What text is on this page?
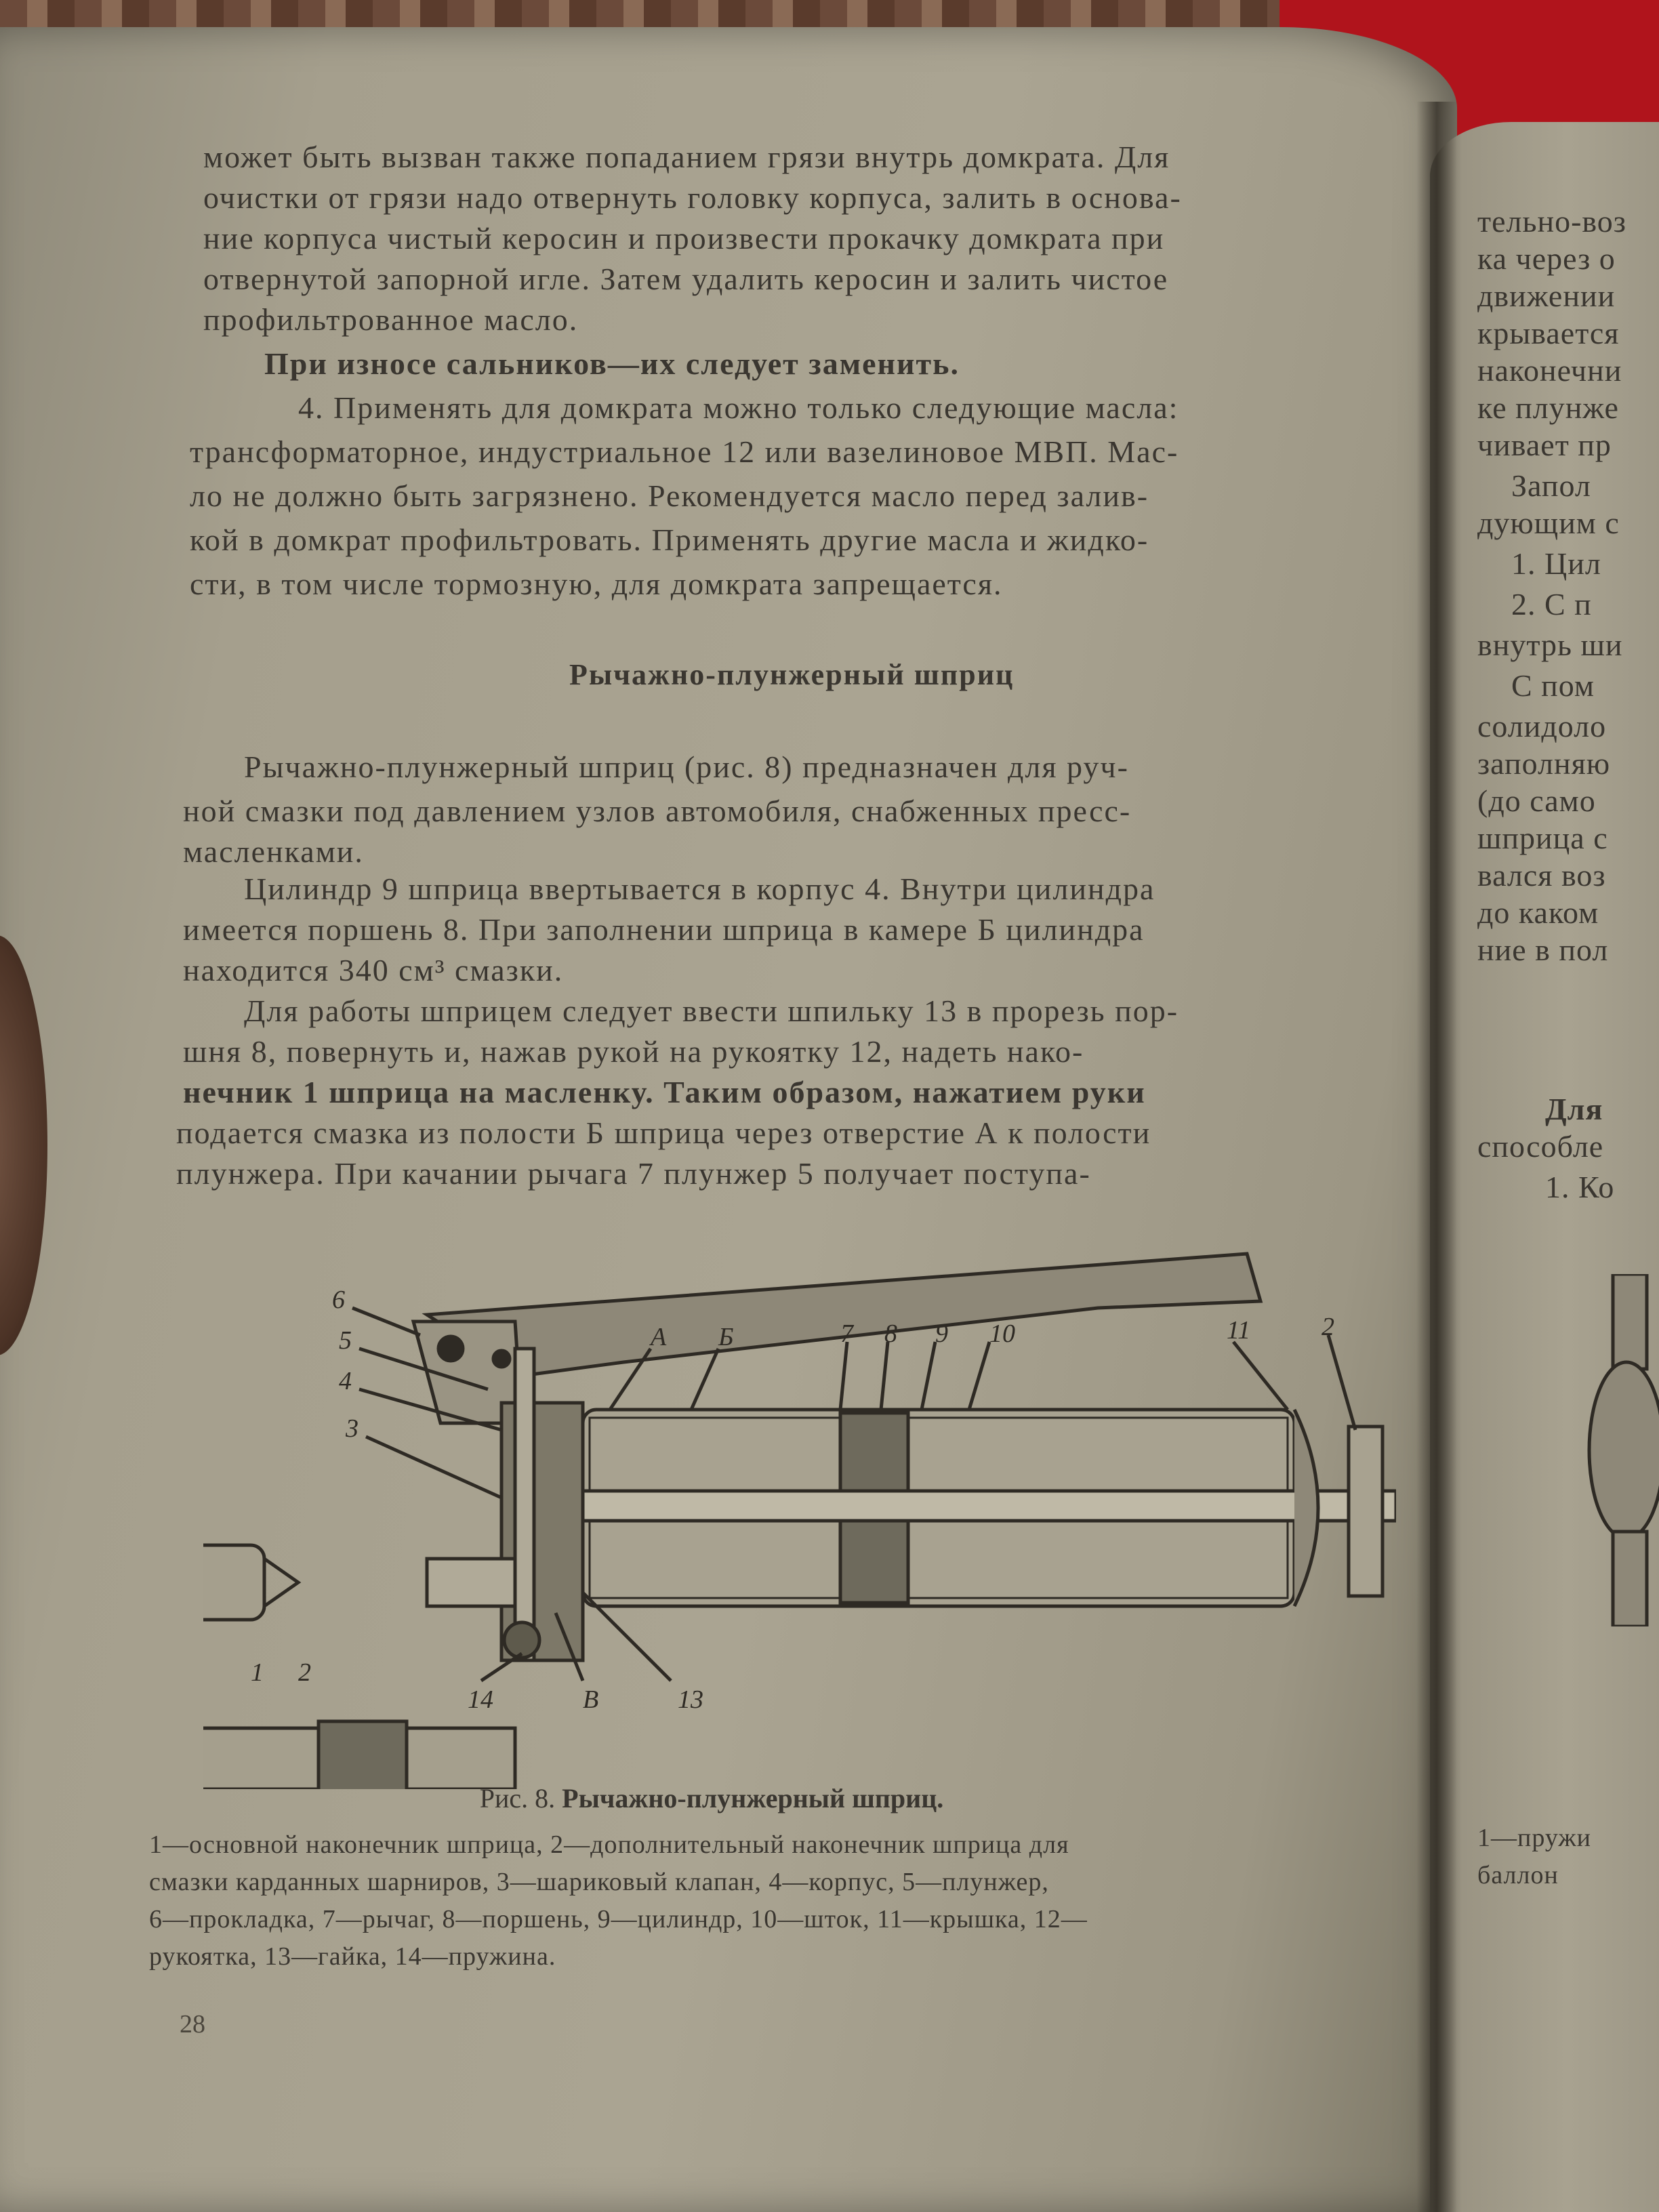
может быть вызван также попаданием грязи внутрь домкрата. Для
очистки от грязи надо отвернуть головку корпуса, залить в основа-
ние корпуса чистый керосин и произвести прокачку домкрата при
отвернутой запорной игле. Затем удалить керосин и залить чистое
профильтрованное масло.
При износе сальников—их следует заменить.
4. Применять для домкрата можно только следующие масла:
трансформаторное, индустриальное 12 или вазелиновое МВП. Мас-
ло не должно быть загрязнено. Рекомендуется масло перед залив-
кой в домкрат профильтровать. Применять другие масла и жидко-
сти, в том числе тормозную, для домкрата запрещается.
Рычажно-плунжерный шприц
Рычажно-плунжерный шприц (рис. 8) предназначен для руч-
ной смазки под давлением узлов автомобиля, снабженных пресс-
масленками.
Цилиндр 9 шприца ввертывается в корпус 4. Внутри цилиндра
имеется поршень 8. При заполнении шприца в камере Б цилиндра
находится 340 см³ смазки.
Для работы шприцем следует ввести шпильку 13 в прорезь пор-
шня 8, повернуть и, нажав рукой на рукоятку 12, надеть нако-
нечник 1 шприца на масленку. Таким образом, нажатием руки
подается смазка из полости Б шприца через отверстие А к полости
плунжера. При качании рычага 7 плунжер 5 получает поступа-
6
5
4
3
А Б	7 8 9 10	11	2
14	В	13
1 2
Рис. 8. Рычажно-плунжерный шприц.
1—основной наконечник шприца, 2—дополнительный наконечник шприца для
смазки карданных шарниров, 3—шариковый клапан, 4—корпус, 5—плунжер,
6—прокладка, 7—рычаг, 8—поршень, 9—цилиндр, 10—шток, 11—крышка, 12—
рукоятка, 13—гайка, 14—пружина.
28
тельно-воз
ка через о
движении
крывается
наконечни
ке плунже
чивает пр
Запол
дующим с
1. Цил
2. С п
внутрь ши
С пом
солидоло
заполняю
(до само
шприца с
вался воз
до каком
ние в пол
Для
способле
1. Ко
1—пружи
баллон
